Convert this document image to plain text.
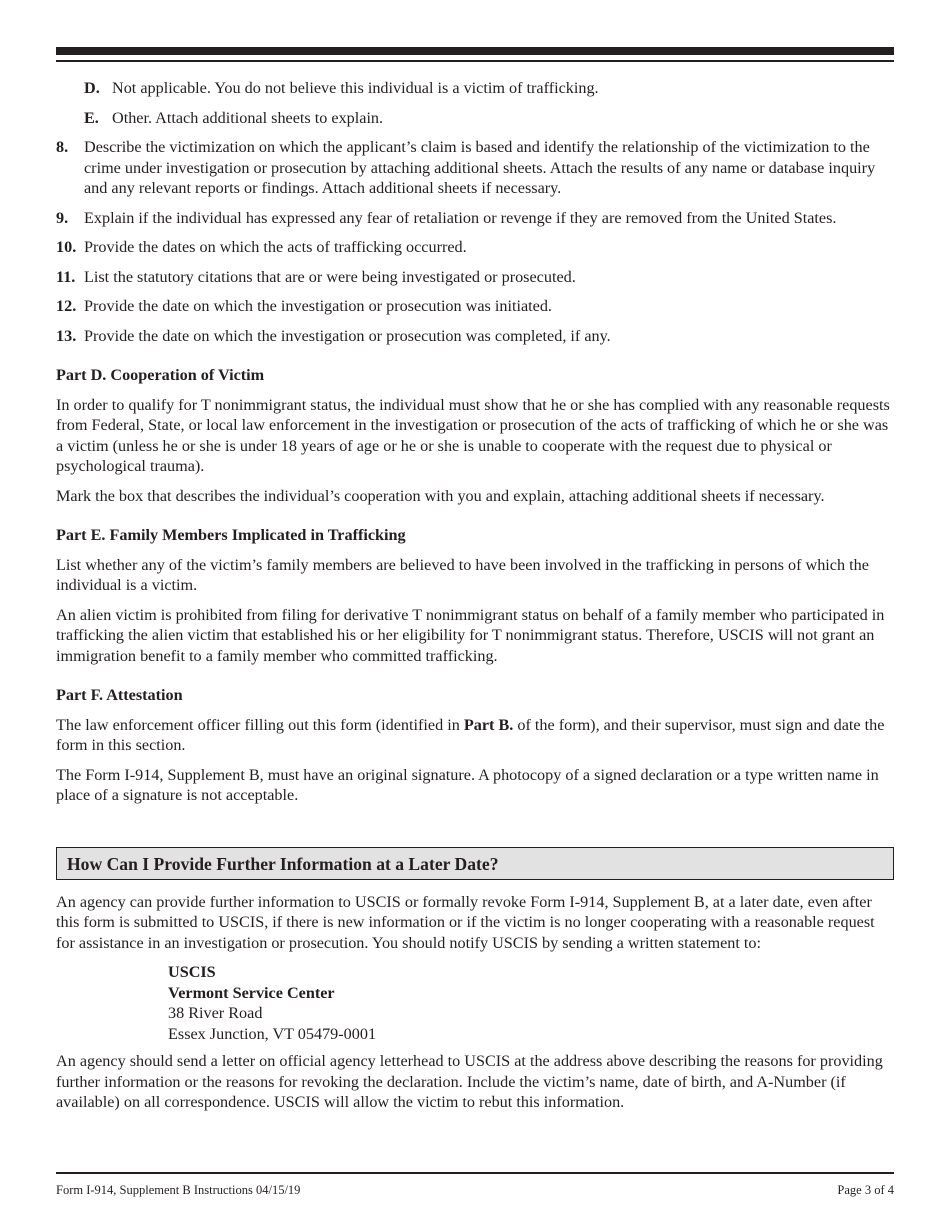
D. Not applicable. You do not believe this individual is a victim of trafficking.
E. Other. Attach additional sheets to explain.
8. Describe the victimization on which the applicant’s claim is based and identify the relationship of the victimization to the crime under investigation or prosecution by attaching additional sheets. Attach the results of any name or database inquiry and any relevant reports or findings. Attach additional sheets if necessary.
9. Explain if the individual has expressed any fear of retaliation or revenge if they are removed from the United States.
10. Provide the dates on which the acts of trafficking occurred.
11. List the statutory citations that are or were being investigated or prosecuted.
12. Provide the date on which the investigation or prosecution was initiated.
13. Provide the date on which the investigation or prosecution was completed, if any.
Part D. Cooperation of Victim

In order to qualify for T nonimmigrant status, the individual must show that he or she has complied with any reasonable requests from Federal, State, or local law enforcement in the investigation or prosecution of the acts of trafficking of which he or she was a victim (unless he or she is under 18 years of age or he or she is unable to cooperate with the request due to physical or psychological trauma).

Mark the box that describes the individual’s cooperation with you and explain, attaching additional sheets if necessary.

Part E. Family Members Implicated in Trafficking

List whether any of the victim’s family members are believed to have been involved in the trafficking in persons of which the individual is a victim.

An alien victim is prohibited from filing for derivative T nonimmigrant status on behalf of a family member who participated in trafficking the alien victim that established his or her eligibility for T nonimmigrant status. Therefore, USCIS will not grant an immigration benefit to a family member who committed trafficking.

Part F. Attestation

The law enforcement officer filling out this form (identified in Part B. of the form), and their supervisor, must sign and date the form in this section.

The Form I-914, Supplement B, must have an original signature. A photocopy of a signed declaration or a type written name in place of a signature is not acceptable.

How Can I Provide Further Information at a Later Date?

An agency can provide further information to USCIS or formally revoke Form I-914, Supplement B, at a later date, even after this form is submitted to USCIS, if there is new information or if the victim is no longer cooperating with a reasonable request for assistance in an investigation or prosecution. You should notify USCIS by sending a written statement to:

USCIS
Vermont Service Center
38 River Road
Essex Junction, VT 05479-0001

An agency should send a letter on official agency letterhead to USCIS at the address above describing the reasons for providing further information or the reasons for revoking the declaration. Include the victim’s name, date of birth, and A-Number (if available) on all correspondence. USCIS will allow the victim to rebut this information.

Form I-914, Supplement B Instructions 04/15/19	Page 3 of 4
